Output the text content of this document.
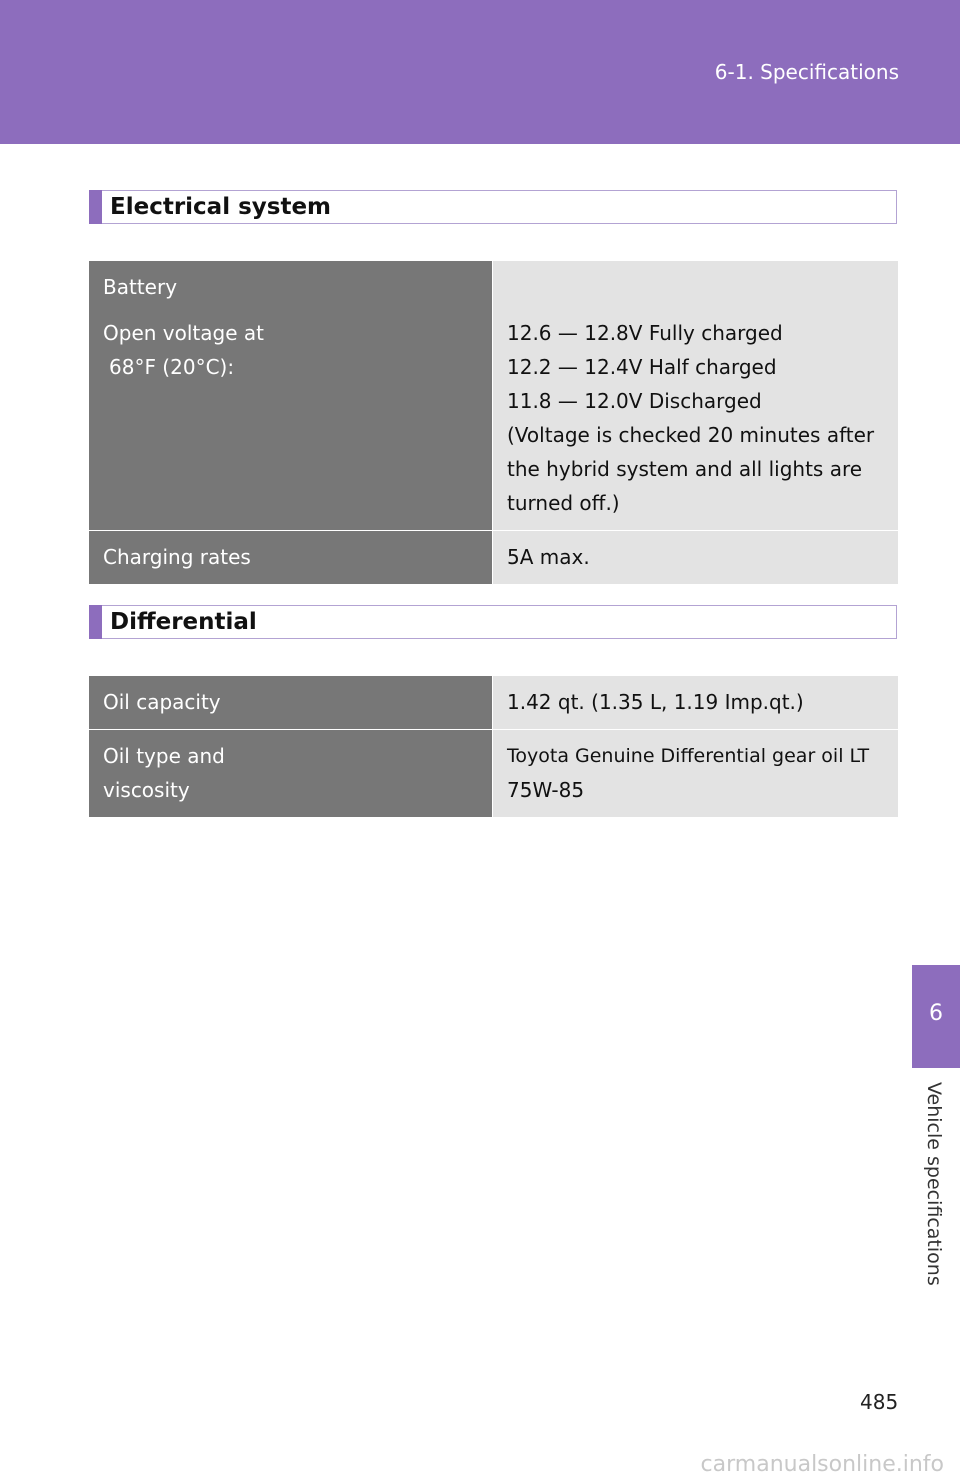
6-1. Specifications
Electrical system
Battery
Open voltage at
68°F (20°C):

12.6 — 12.8V Fully charged
12.2 — 12.4V Half charged
11.8 — 12.0V Discharged
(Voltage is checked 20 minutes after
the hybrid system and all lights are
turned off.)
Charging rates	5A max.
Differential
Oil capacity	1.42 qt. (1.35 L, 1.19 Imp.qt.)
Oil type and
viscosity
Toyota Genuine Differential gear oil LT
75W-85
6
Vehicle specifications
485
carmanualsonline.info
